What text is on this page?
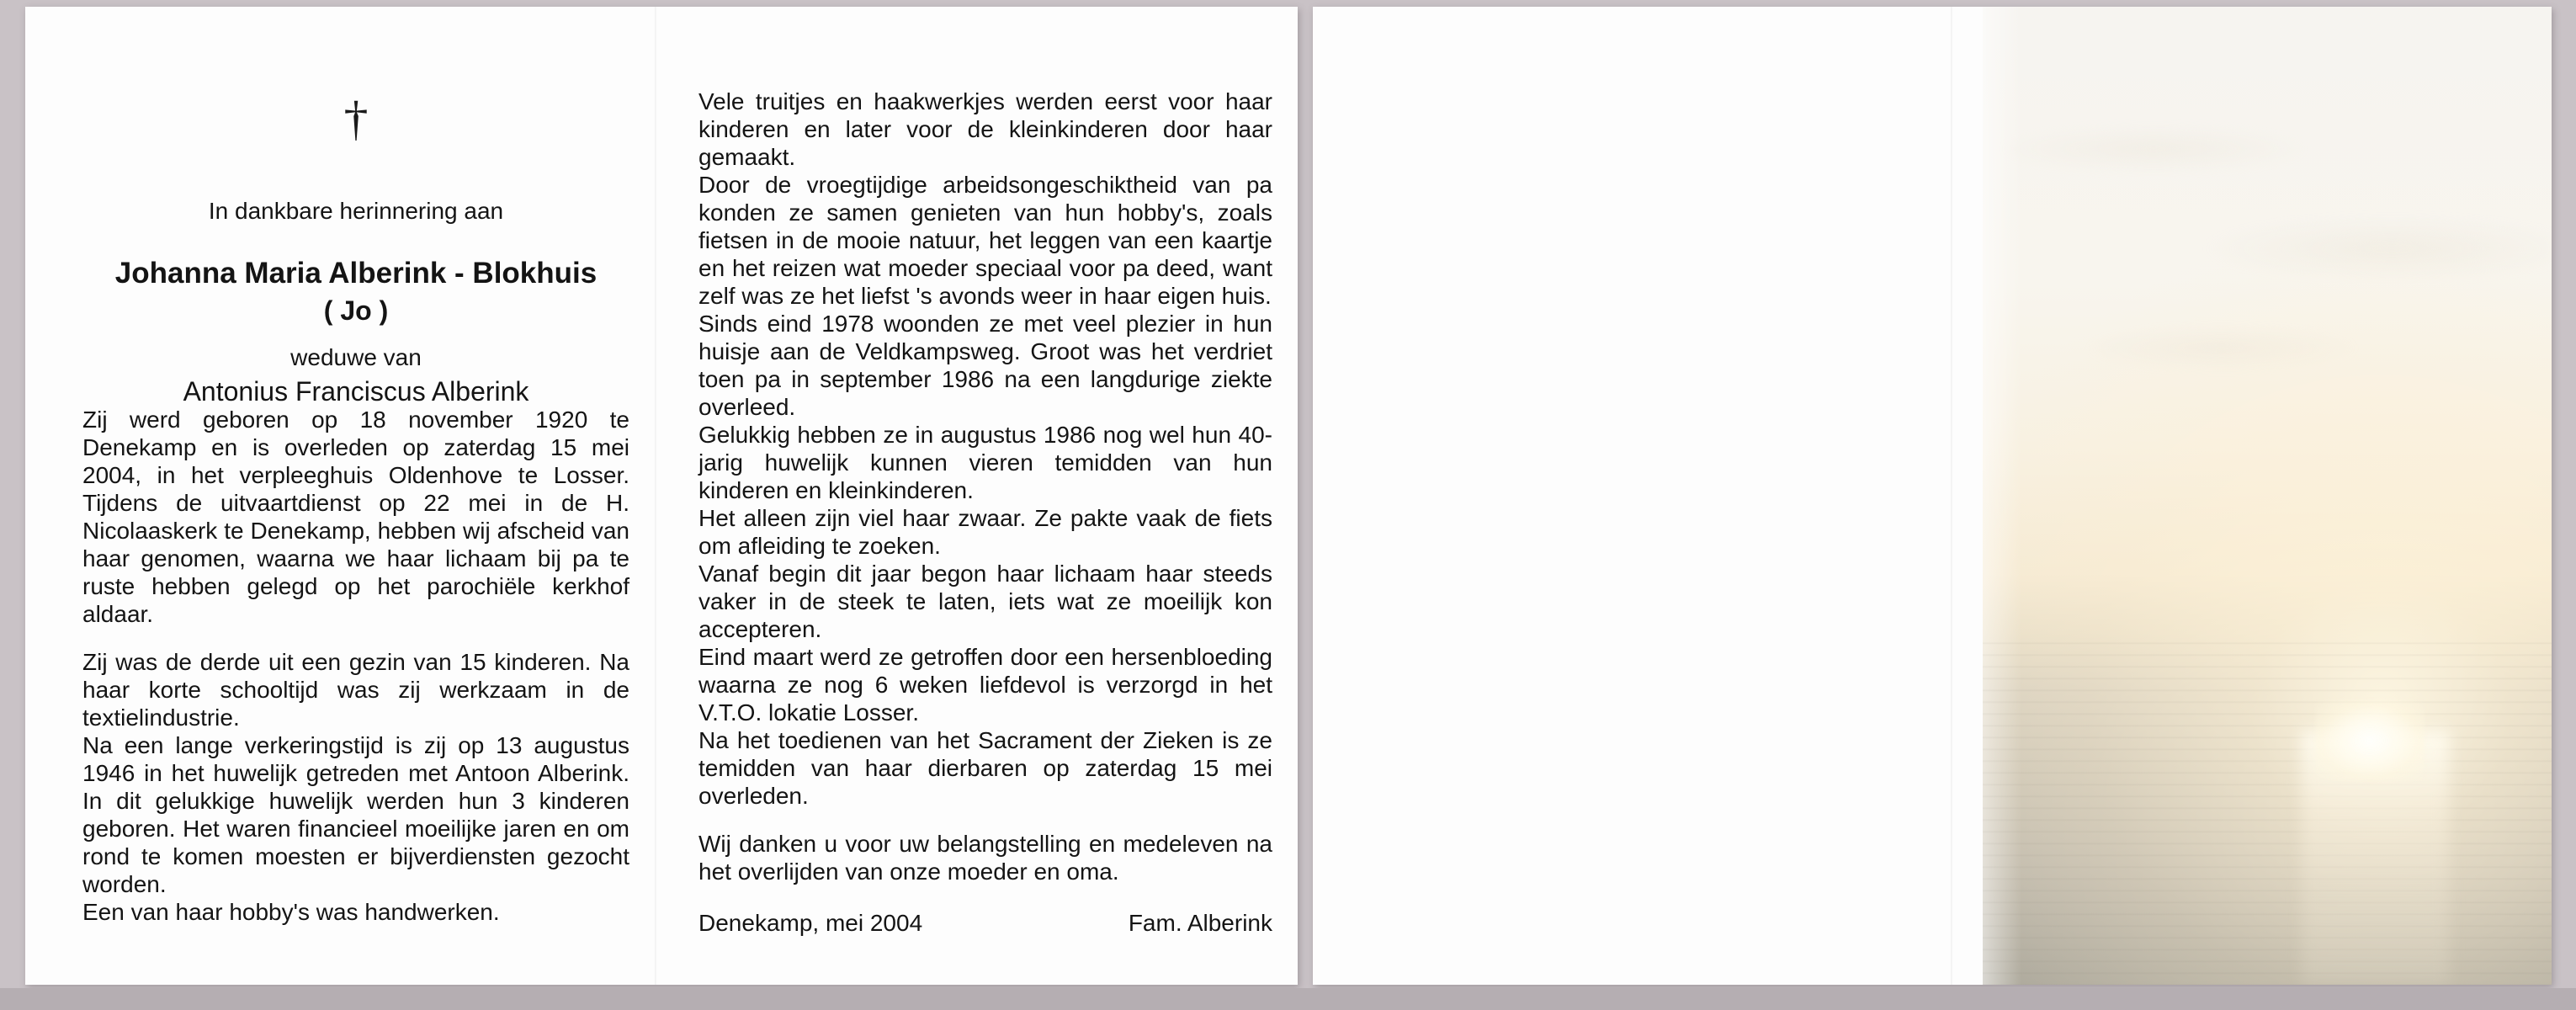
†
In dankbare herinnering aan
Johanna Maria Alberink - Blokhuis
( Jo )
weduwe van
Antonius Franciscus Alberink

Zij werd geboren op 18 november 1920 te Denekamp en is overleden op zaterdag 15 mei 2004, in het verpleeghuis Oldenhove te Losser. Tijdens de uitvaartdienst op 22 mei in de H. Nicolaaskerk te Denekamp, hebben wij afscheid van haar genomen, waarna we haar lichaam bij pa te ruste hebben gelegd op het parochiële kerkhof aldaar.

Zij was de derde uit een gezin van 15 kinderen. Na haar korte schooltijd was zij werkzaam in de textielindustrie.

Na een lange verkeringstijd is zij op 13 augustus 1946 in het huwelijk getreden met Antoon Alberink. In dit gelukkige huwelijk werden hun 3 kinderen geboren. Het waren financieel moeilijke jaren en om rond te komen moesten er bijverdiensten gezocht worden.

Een van haar hobby's was handwerken.

Vele truitjes en haakwerkjes werden eerst voor haar kinderen en later voor de kleinkinderen door haar gemaakt.

Door de vroegtijdige arbeidsongeschiktheid van pa konden ze samen genieten van hun hobby's, zoals fietsen in de mooie natuur, het leggen van een kaartje en het reizen wat moeder speciaal voor pa deed, want zelf was ze het liefst 's avonds weer in haar eigen huis.

Sinds eind 1978 woonden ze met veel plezier in hun huisje aan de Veldkampsweg. Groot was het verdriet toen pa in september 1986 na een langdurige ziekte overleed.

Gelukkig hebben ze in augustus 1986 nog wel hun 40-jarig huwelijk kunnen vieren temidden van hun kinderen en kleinkinderen.

Het alleen zijn viel haar zwaar. Ze pakte vaak de fiets om afleiding te zoeken.

Vanaf begin dit jaar begon haar lichaam haar steeds vaker in de steek te laten, iets wat ze moeilijk kon accepteren.

Eind maart werd ze getroffen door een hersenbloeding waarna ze nog 6 weken liefdevol is verzorgd in het V.T.O. lokatie Losser.

Na het toedienen van het Sacrament der Zieken is ze temidden van haar dierbaren op zaterdag 15 mei overleden.

Wij danken u voor uw belangstelling en medeleven na het overlijden van onze moeder en oma.

Denekamp, mei 2004	Fam. Alberink
